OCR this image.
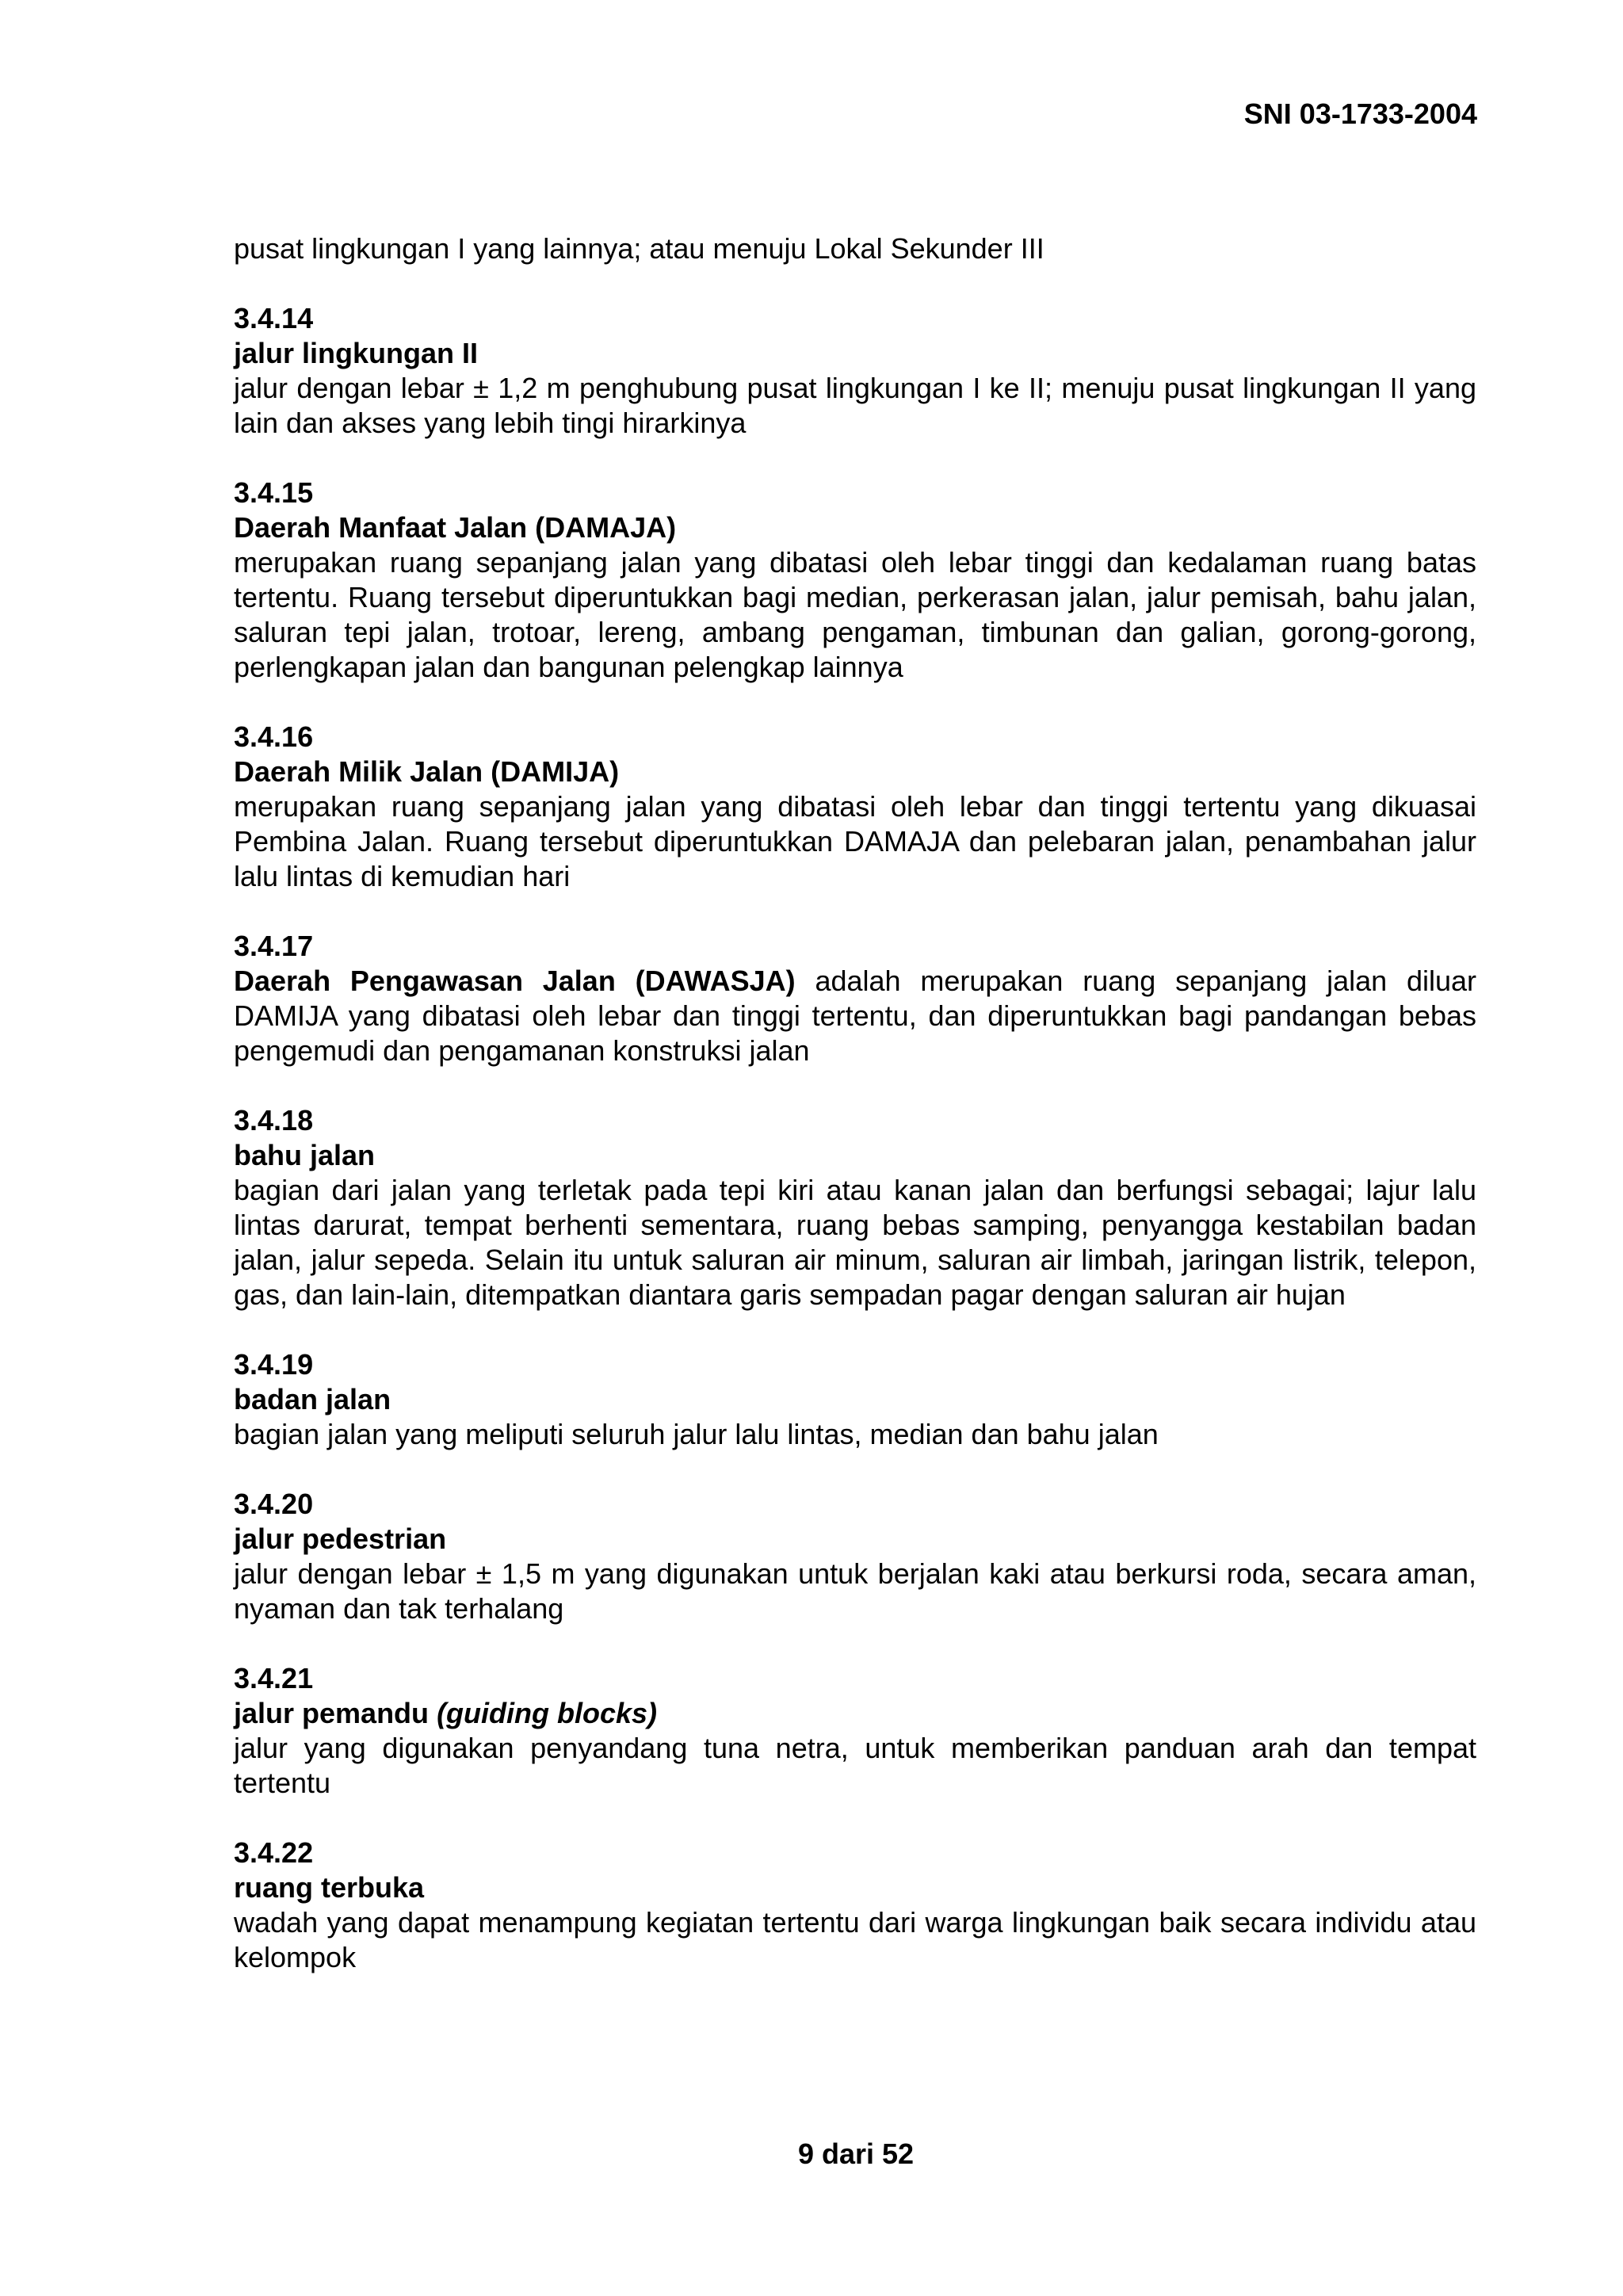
SNI 03-1733-2004

pusat lingkungan I yang lainnya; atau menuju Lokal Sekunder III

3.4.14
jalur lingkungan II
jalur dengan lebar ± 1,2 m penghubung pusat lingkungan I ke II; menuju pusat lingkungan II yang lain dan akses yang lebih tingi hirarkinya
3.4.15
Daerah Manfaat Jalan (DAMAJA)
merupakan ruang sepanjang jalan yang dibatasi oleh lebar tinggi dan kedalaman ruang batas tertentu. Ruang tersebut diperuntukkan bagi median, perkerasan jalan, jalur pemisah, bahu jalan, saluran tepi jalan, trotoar, lereng, ambang pengaman, timbunan dan galian, gorong-gorong, perlengkapan jalan dan bangunan pelengkap lainnya
3.4.16
Daerah Milik Jalan (DAMIJA)
merupakan ruang sepanjang jalan yang dibatasi oleh lebar dan tinggi tertentu yang dikuasai Pembina Jalan. Ruang tersebut diperuntukkan DAMAJA dan pelebaran jalan, penambahan jalur lalu lintas di kemudian hari
3.4.17
Daerah Pengawasan Jalan (DAWASJA) adalah merupakan ruang sepanjang jalan diluar DAMIJA yang dibatasi oleh lebar dan tinggi tertentu, dan diperuntukkan bagi pandangan bebas pengemudi dan pengamanan konstruksi jalan
3.4.18
bahu jalan
bagian dari jalan yang terletak pada tepi kiri atau kanan jalan dan berfungsi sebagai; lajur lalu lintas darurat, tempat berhenti sementara, ruang bebas samping, penyangga kestabilan badan jalan, jalur sepeda. Selain itu untuk saluran air minum, saluran air limbah, jaringan listrik, telepon, gas, dan lain-lain, ditempatkan diantara garis sempadan pagar dengan saluran air hujan
3.4.19
badan jalan
bagian jalan yang meliputi seluruh jalur lalu lintas, median dan bahu jalan
3.4.20
jalur pedestrian
jalur dengan lebar ± 1,5 m yang digunakan untuk berjalan kaki atau berkursi roda, secara aman, nyaman dan tak terhalang
3.4.21
jalur pemandu (guiding blocks)
jalur yang digunakan penyandang tuna netra, untuk memberikan panduan arah dan tempat tertentu
3.4.22
ruang terbuka
wadah yang dapat menampung kegiatan tertentu dari warga lingkungan baik secara individu atau kelompok
9 dari 52
